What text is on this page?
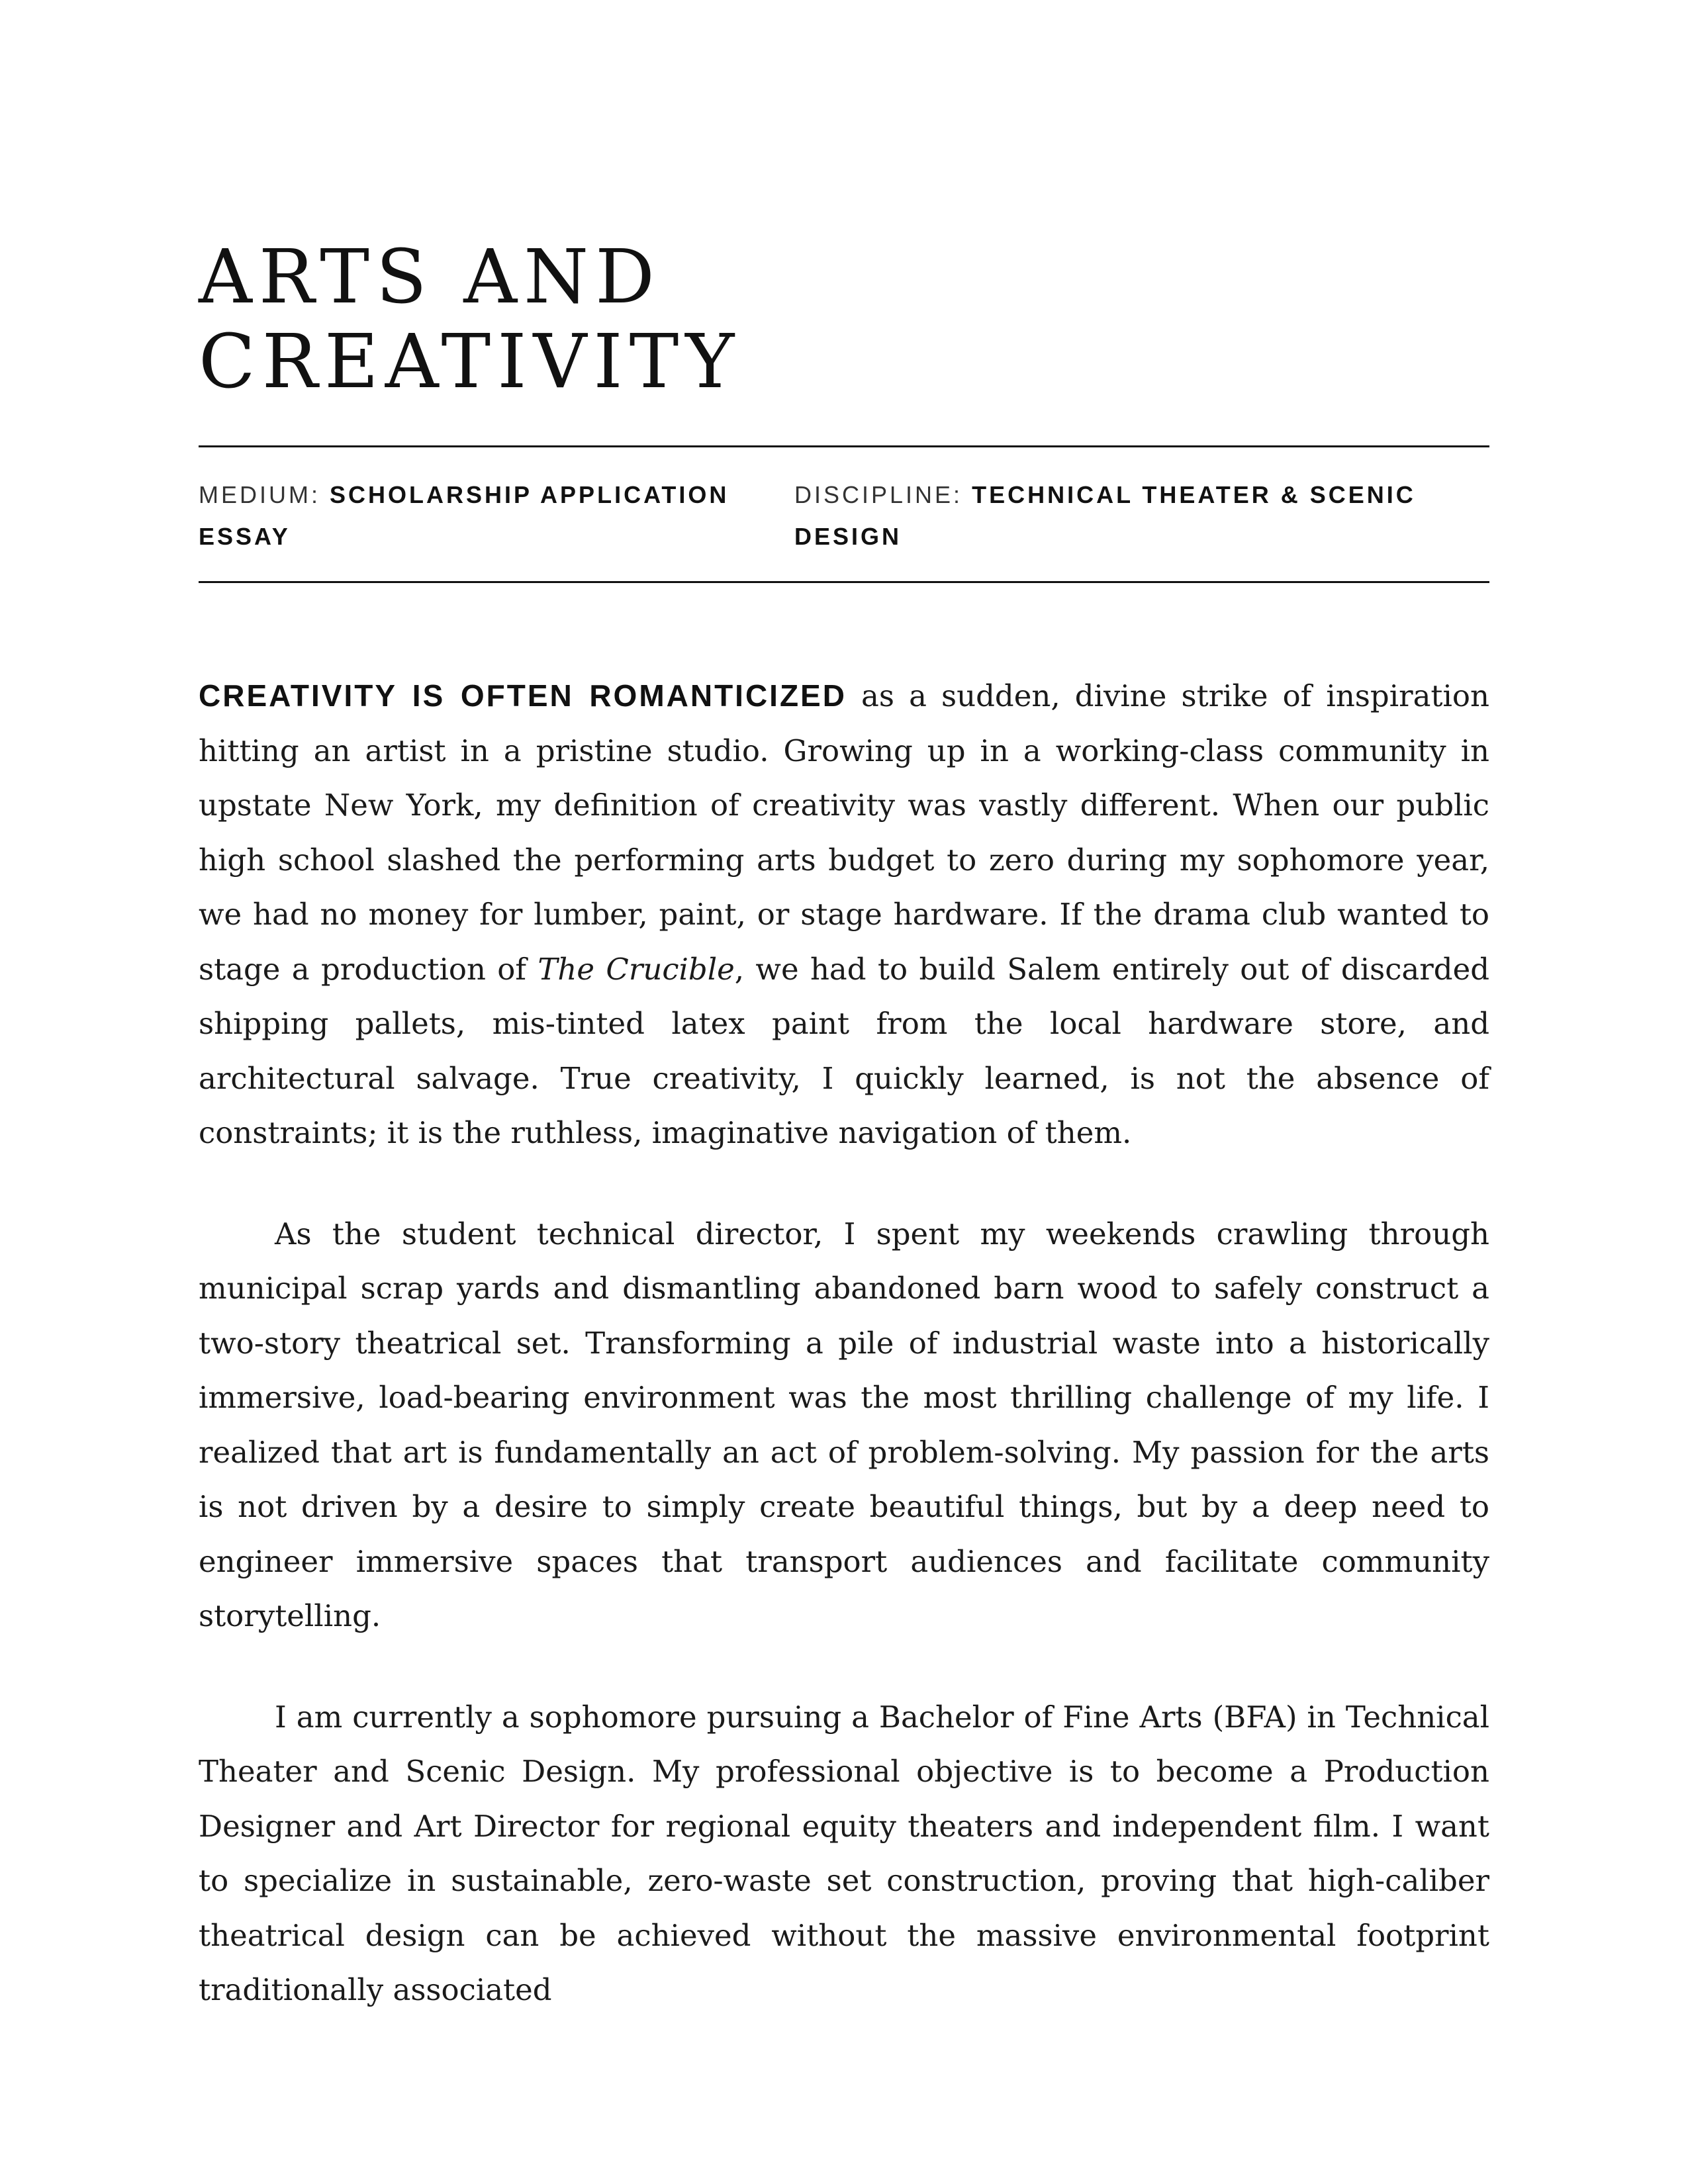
ARTS AND
CREATIVITY
MEDIUM: SCHOLARSHIP APPLICATION ESSAY
DISCIPLINE: TECHNICAL THEATER & SCENIC DESIGN

CREATIVITY IS OFTEN ROMANTICIZED as a sudden, divine strike of inspiration hitting an artist in a pristine studio. Growing up in a working-class community in upstate New York, my definition of creativity was vastly different. When our public high school slashed the performing arts budget to zero during my sophomore year, we had no money for lumber, paint, or stage hardware. If the drama club wanted to stage a production of The Crucible, we had to build Salem entirely out of discarded shipping pallets, mis-tinted latex paint from the local hardware store, and architectural salvage. True creativity, I quickly learned, is not the absence of constraints; it is the ruthless, imaginative navigation of them.

As the student technical director, I spent my weekends crawling through municipal scrap yards and dismantling abandoned barn wood to safely construct a two-story theatrical set. Transforming a pile of industrial waste into a historically immersive, load-bearing environment was the most thrilling challenge of my life. I realized that art is fundamentally an act of problem-solving. My passion for the arts is not driven by a desire to simply create beautiful things, but by a deep need to engineer immersive spaces that transport audiences and facilitate community storytelling.

I am currently a sophomore pursuing a Bachelor of Fine Arts (BFA) in Technical Theater and Scenic Design. My professional objective is to become a Production Designer and Art Director for regional equity theaters and independent film. I want to specialize in sustainable, zero-waste set construction, proving that high-caliber theatrical design can be achieved without the massive environmental footprint traditionally associated
